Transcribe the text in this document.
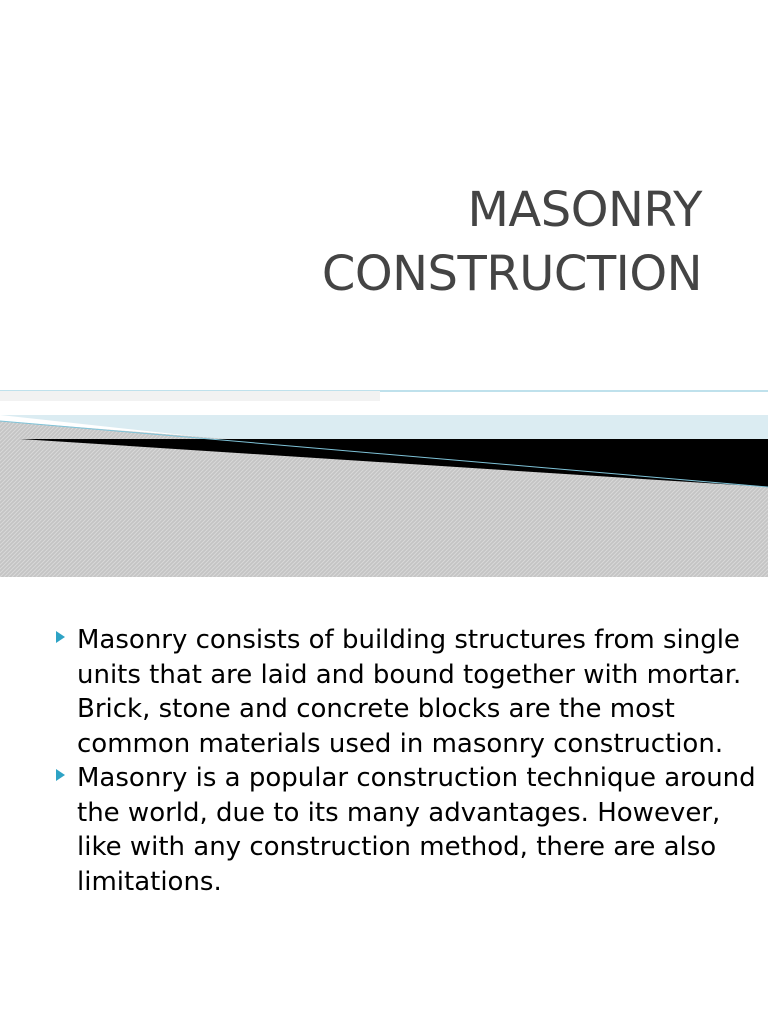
MASONRY
CONSTRUCTION
Masonry consists of building structures from single units that are laid and bound together with mortar. Brick, stone and concrete blocks are the most common materials used in masonry construction.
Masonry is a popular construction technique around the world, due to its many advantages. However, like with any construction method, there are also limitations.
